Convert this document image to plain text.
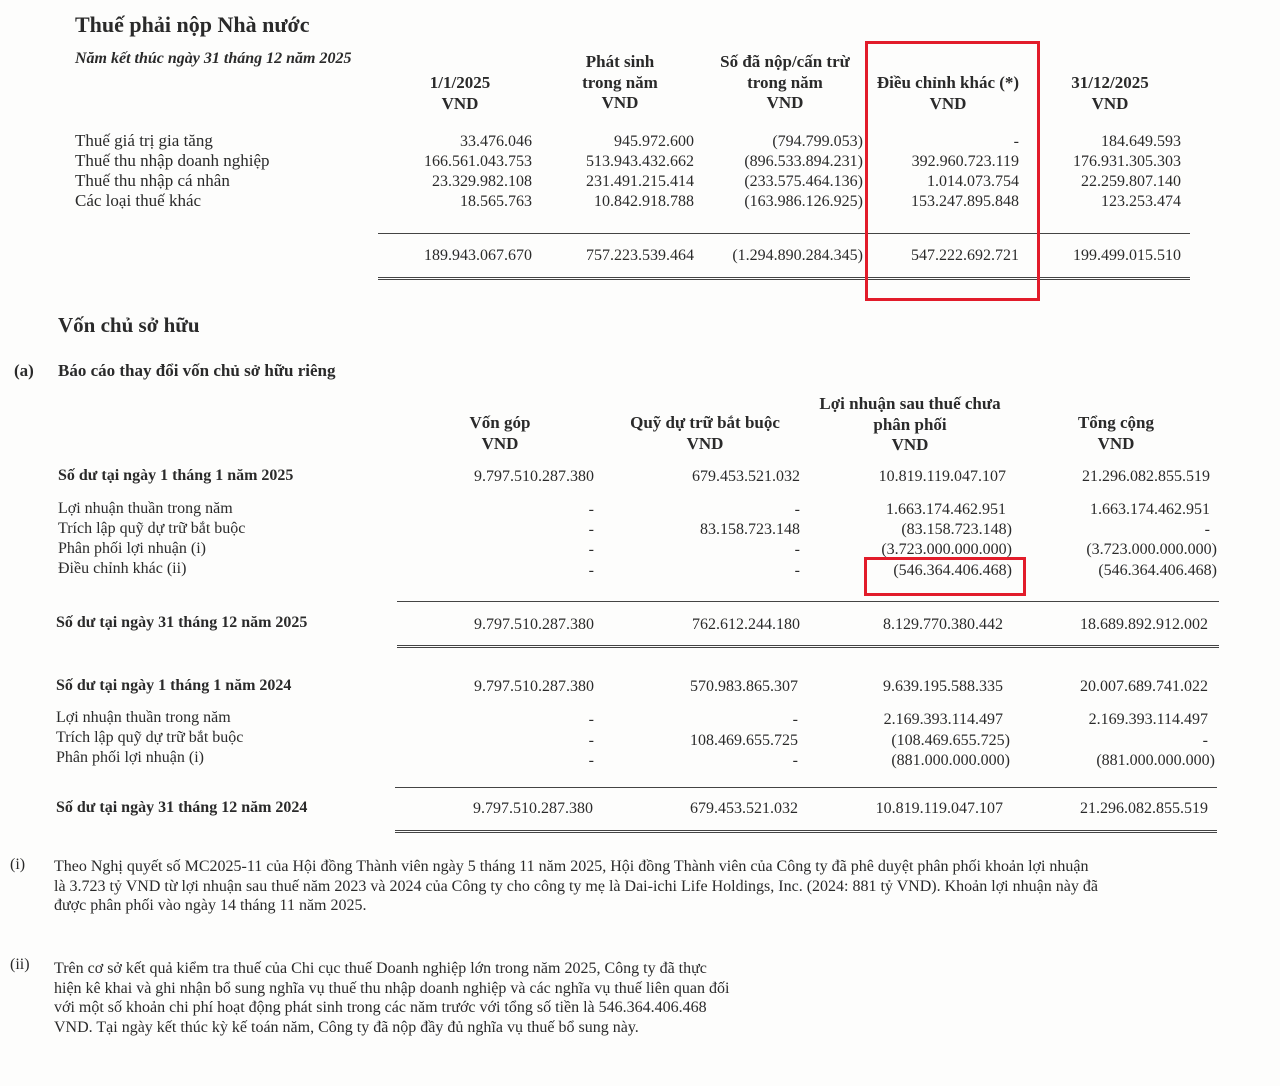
Thuế phải nộp Nhà nước
Năm kết thúc ngày 31 tháng 12 năm 2025
1/1/2025
VND
Phát sinh
trong năm
VND
Số đã nộp/cấn trừ
trong năm
VND
Điều chỉnh khác (*)
VND
31/12/2025
VND
Thuế giá trị gia tăng	33.476.046	945.972.600	(794.799.053)	-	184.649.593
Thuế thu nhập doanh nghiệp	166.561.043.753	513.943.432.662	(896.533.894.231)	392.960.723.119	176.931.305.303
Thuế thu nhập cá nhân	23.329.982.108	231.491.215.414	(233.575.464.136)	1.014.073.754	22.259.807.140
Các loại thuế khác	18.565.763	10.842.918.788	(163.986.126.925)	153.247.895.848	123.253.474
189.943.067.670	757.223.539.464	(1.294.890.284.345)	547.222.692.721	199.499.015.510
Vốn chủ sở hữu
(a) Báo cáo thay đổi vốn chủ sở hữu riêng
Vốn góp
VND
Quỹ dự trữ bắt buộc
VND
Lợi nhuận sau thuế chưa
phân phối
VND
Tổng cộng
VND
Số dư tại ngày 1 tháng 1 năm 2025	9.797.510.287.380	679.453.521.032	10.819.119.047.107	21.296.082.855.519
Lợi nhuận thuần trong năm	-	-	1.663.174.462.951	1.663.174.462.951
Trích lập quỹ dự trữ bắt buộc	-	83.158.723.148	(83.158.723.148)	-
Phân phối lợi nhuận (i)	-	-	(3.723.000.000.000)	(3.723.000.000.000)
Điều chỉnh khác (ii)	-	-	(546.364.406.468)	(546.364.406.468)
Số dư tại ngày 31 tháng 12 năm 2025	9.797.510.287.380	762.612.244.180	8.129.770.380.442	18.689.892.912.002
Số dư tại ngày 1 tháng 1 năm 2024	9.797.510.287.380	570.983.865.307	9.639.195.588.335	20.007.689.741.022
Lợi nhuận thuần trong năm	-	-	2.169.393.114.497	2.169.393.114.497
Trích lập quỹ dự trữ bắt buộc	-	108.469.655.725	(108.469.655.725)	-
Phân phối lợi nhuận (i)	-	-	(881.000.000.000)	(881.000.000.000)
Số dư tại ngày 31 tháng 12 năm 2024	9.797.510.287.380	679.453.521.032	10.819.119.047.107	21.296.082.855.519
(i) Theo Nghị quyết số MC2025-11 của Hội đồng Thành viên ngày 5 tháng 11 năm 2025, Hội đồng Thành viên của Công ty đã phê duyệt phân phối khoản lợi nhuận
là 3.723 tỷ VND từ lợi nhuận sau thuế năm 2023 và 2024 của Công ty cho công ty mẹ là Dai-ichi Life Holdings, Inc. (2024: 881 tỷ VND). Khoản lợi nhuận này đã
được phân phối vào ngày 14 tháng 11 năm 2025.
(ii) Trên cơ sở kết quả kiểm tra thuế của Chi cục thuế Doanh nghiệp lớn trong năm 2025, Công ty đã thực
hiện kê khai và ghi nhận bổ sung nghĩa vụ thuế thu nhập doanh nghiệp và các nghĩa vụ thuế liên quan đối
với một số khoản chi phí hoạt động phát sinh trong các năm trước với tổng số tiền là 546.364.406.468
VND. Tại ngày kết thúc kỳ kế toán năm, Công ty đã nộp đầy đủ nghĩa vụ thuế bổ sung này.
